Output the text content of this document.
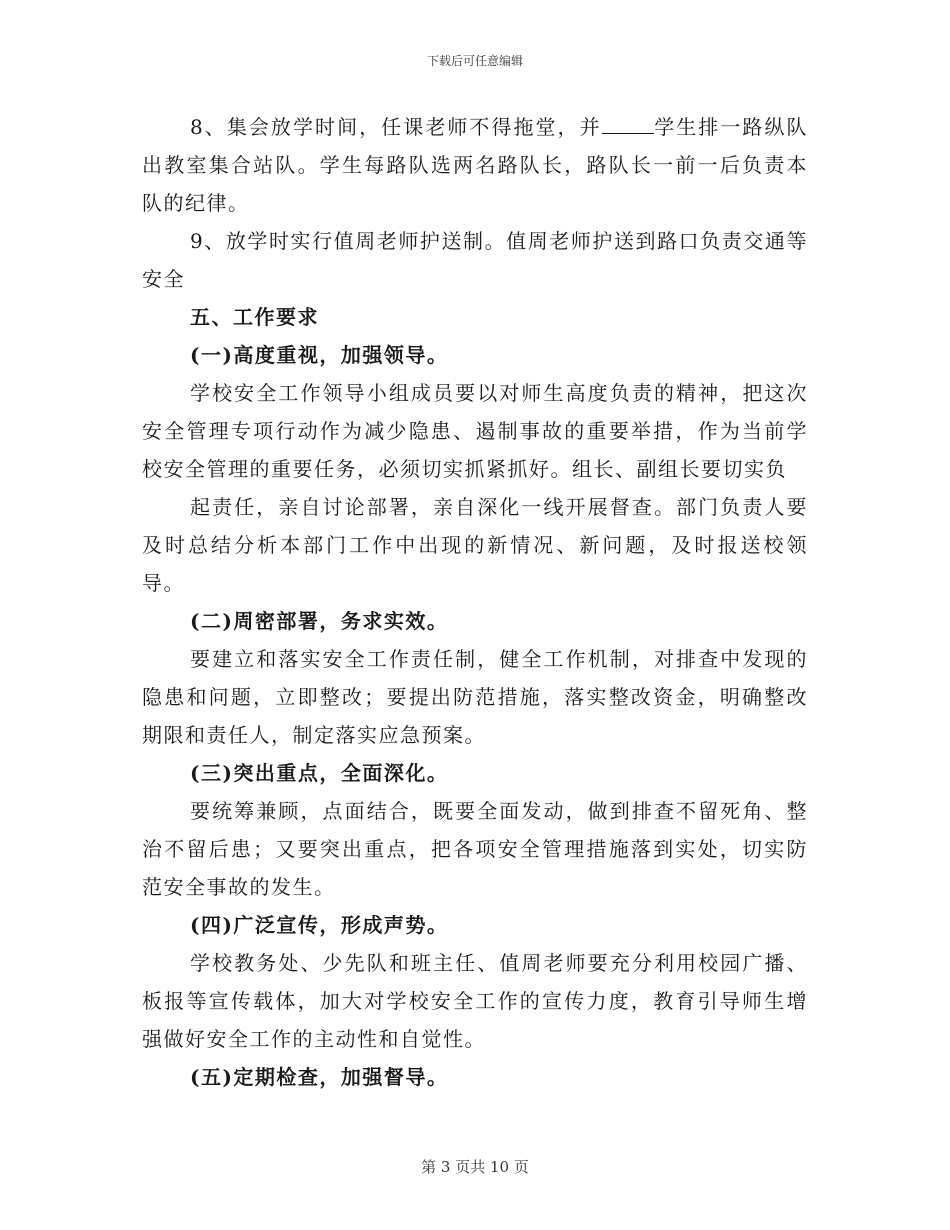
下载后可任意编辑

8、集会放学时间，任课老师不得拖堂，并	学生排一路纵队出教室集合站队。学生每路队选两名路队长，路队长一前一后负责本队的纪律。

9、放学时实行值周老师护送制。值周老师护送到路口负责交通等安全

五、工作要求

(一)高度重视，加强领导。

学校安全工作领导小组成员要以对师生高度负责的精神，把这次安全管理专项行动作为减少隐患、遏制事故的重要举措，作为当前学校安全管理的重要任务，必须切实抓紧抓好。组长、副组长要切实负

起责任，亲自讨论部署，亲自深化一线开展督查。部门负责人要及时总结分析本部门工作中出现的新情况、新问题，及时报送校领导。

(二)周密部署，务求实效。

要建立和落实安全工作责任制，健全工作机制，对排查中发现的隐患和问题，立即整改；要提出防范措施，落实整改资金，明确整改期限和责任人，制定落实应急预案。

(三)突出重点，全面深化。

要统筹兼顾，点面结合，既要全面发动，做到排查不留死角、整治不留后患；又要突出重点，把各项安全管理措施落到实处，切实防范安全事故的发生。

(四)广泛宣传，形成声势。

学校教务处、少先队和班主任、值周老师要充分利用校园广播、板报等宣传载体，加大对学校安全工作的宣传力度，教育引导师生增强做好安全工作的主动性和自觉性。

(五)定期检查，加强督导。

第 3 页共 10 页
